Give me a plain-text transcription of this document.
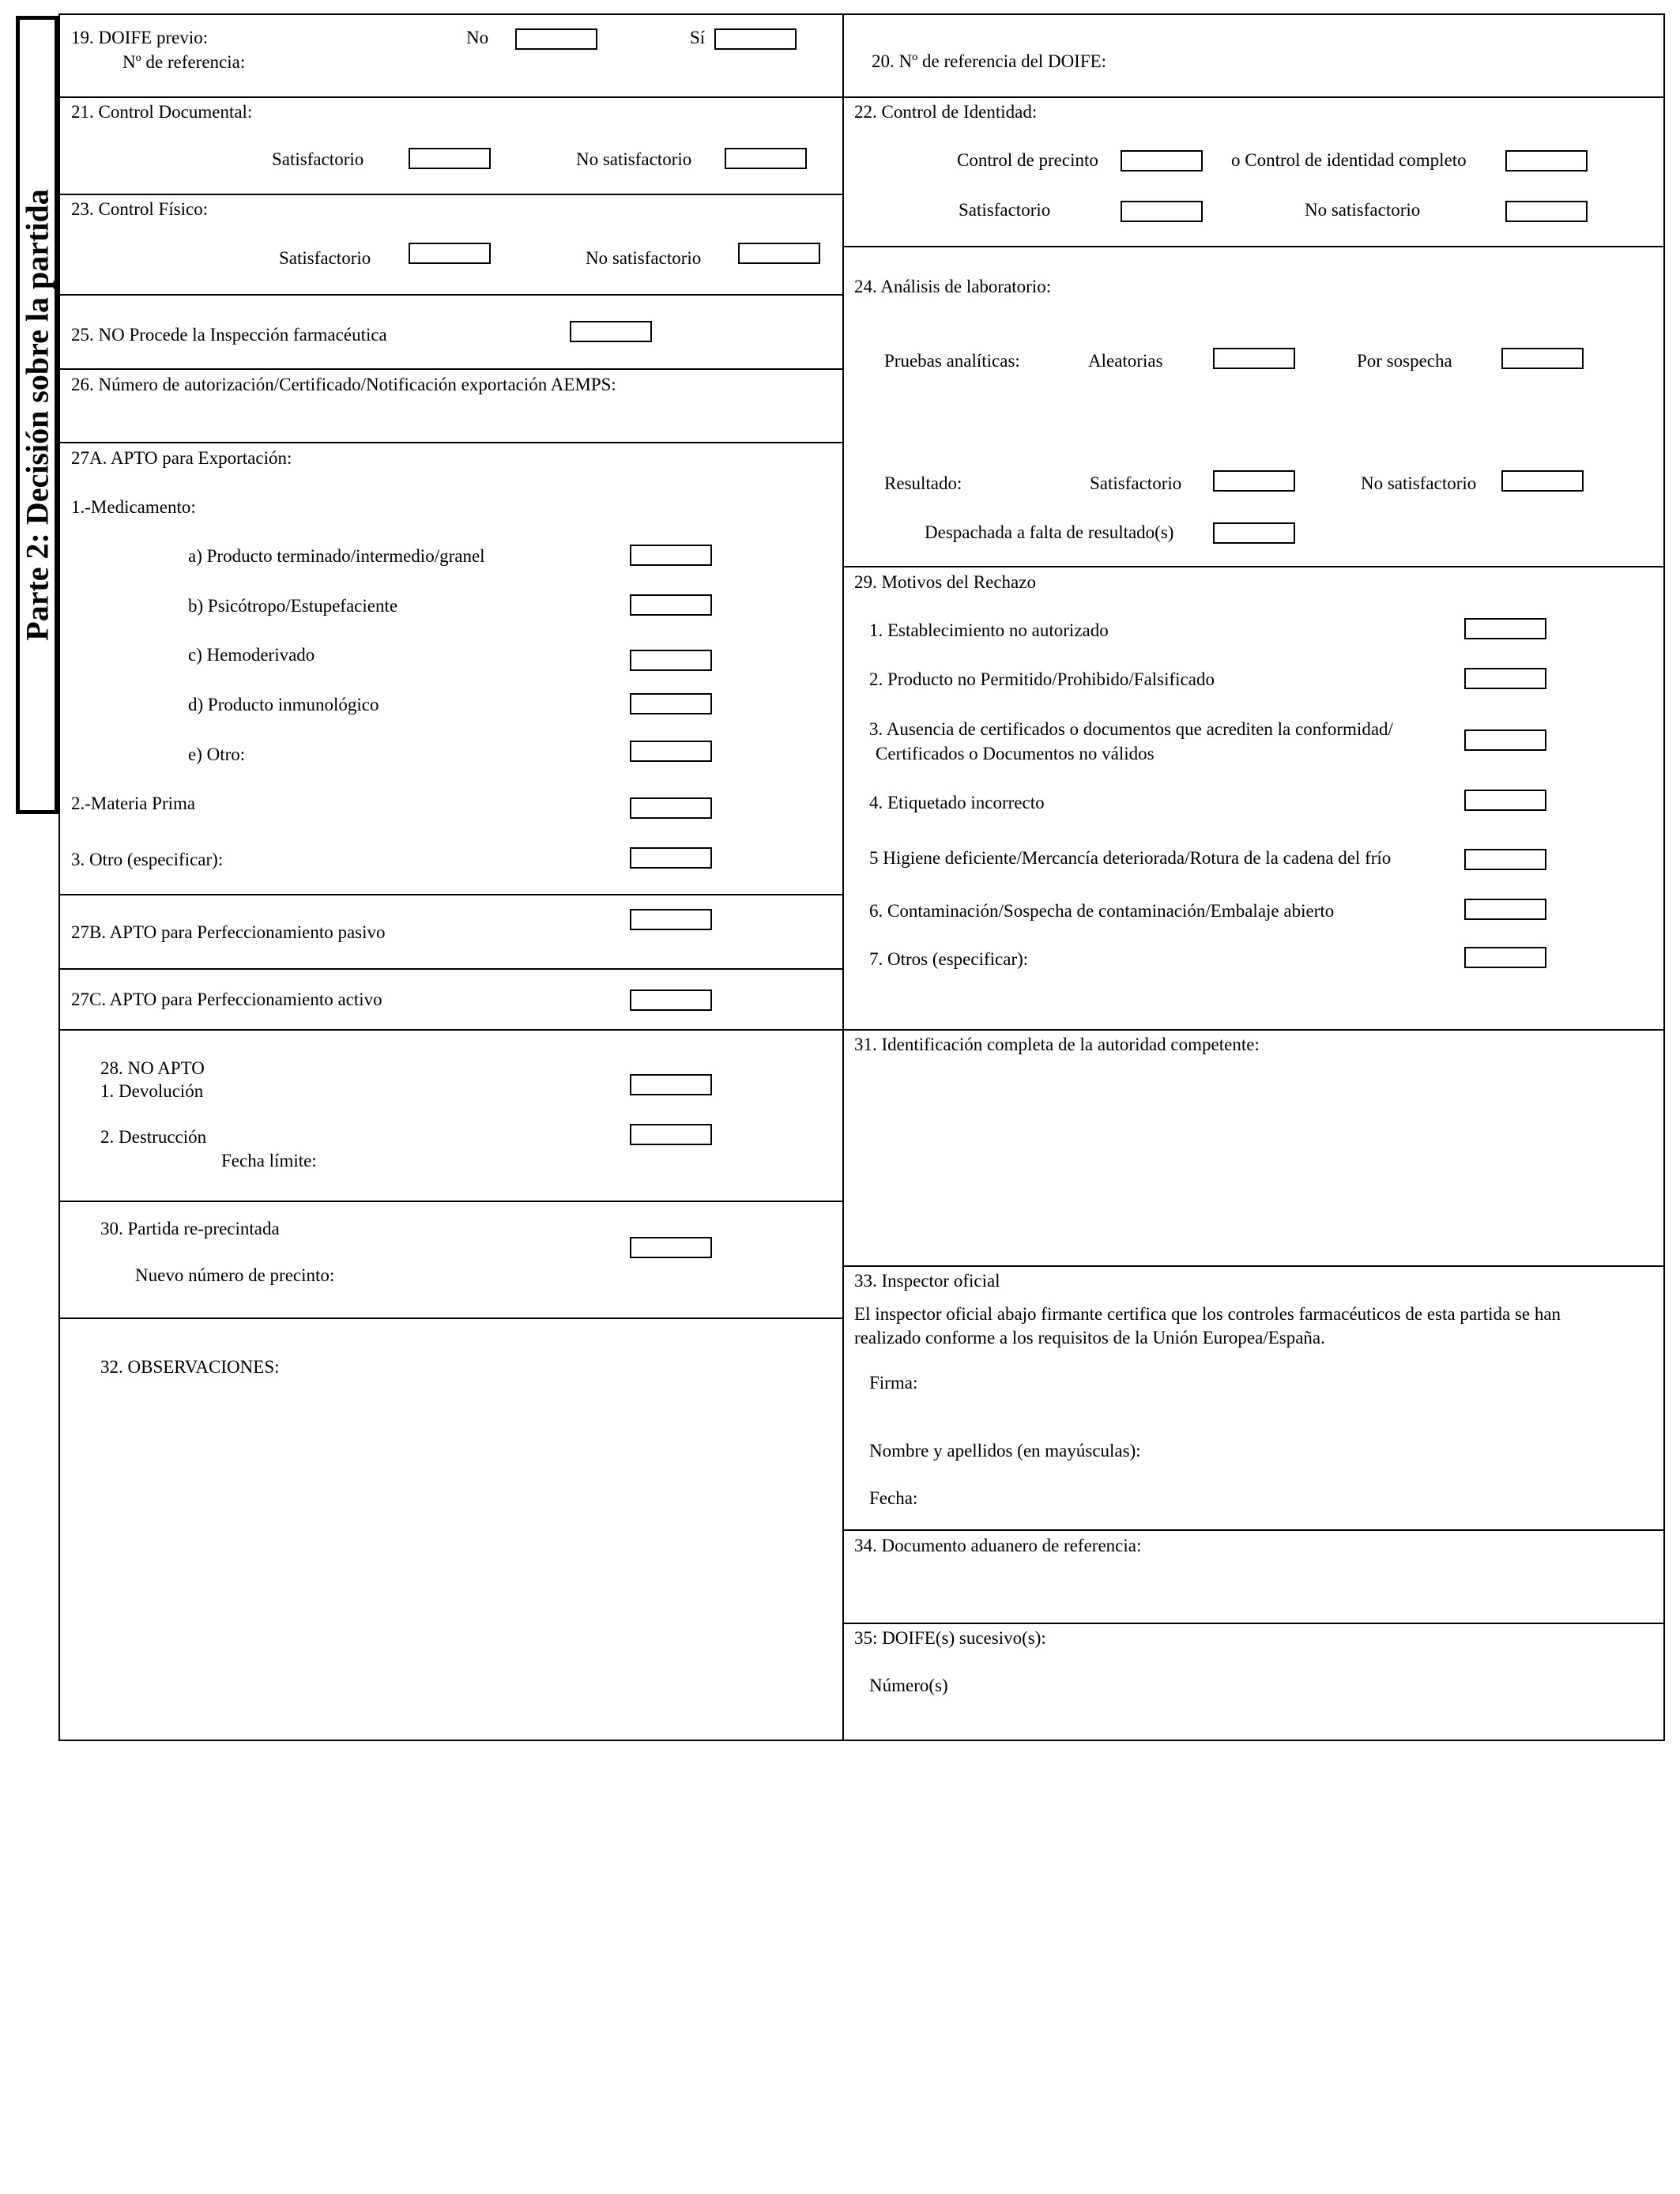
Parte 2: Decisión sobre la partida
19. DOIFE previo:	No	Sí
Nº de referencia:
21. Control Documental:
Satisfactorio	No satisfactorio
23. Control Físico:
Satisfactorio	No satisfactorio
25. NO Procede la Inspección farmacéutica
26. Número de autorización/Certificado/Notificación exportación AEMPS:
27A. APTO para Exportación:
1.-Medicamento:
a) Producto terminado/intermedio/granel
b) Psicótropo/Estupefaciente
c) Hemoderivado
d) Producto inmunológico
e) Otro:
2.-Materia Prima
3. Otro (especificar):
27B. APTO para Perfeccionamiento pasivo
27C. APTO para Perfeccionamiento activo
28. NO APTO
1. Devolución
2. Destrucción
Fecha límite:
30. Partida re-precintada
Nuevo número de precinto:
32. OBSERVACIONES:
20. Nº de referencia del DOIFE:
22. Control de Identidad:
Control de precinto	o Control de identidad completo
Satisfactorio	No satisfactorio
24. Análisis de laboratorio:
Pruebas analíticas:	Aleatorias	Por sospecha
Resultado:	Satisfactorio	No satisfactorio
Despachada a falta de resultado(s)
29. Motivos del Rechazo
1. Establecimiento no autorizado
2. Producto no Permitido/Prohibido/Falsificado
3. Ausencia de certificados o documentos que acrediten la conformidad/
Certificados o Documentos no válidos
4. Etiquetado incorrecto
5 Higiene deficiente/Mercancía deteriorada/Rotura de la cadena del frío
6. Contaminación/Sospecha de contaminación/Embalaje abierto
7. Otros (especificar):
31. Identificación completa de la autoridad competente:
33. Inspector oficial
El inspector oficial abajo firmante certifica que los controles farmacéuticos de esta partida se han
realizado conforme a los requisitos de la Unión Europea/España.
Firma:
Nombre y apellidos (en mayúsculas):
Fecha:
34. Documento aduanero de referencia:
35: DOIFE(s) sucesivo(s):
Número(s)
